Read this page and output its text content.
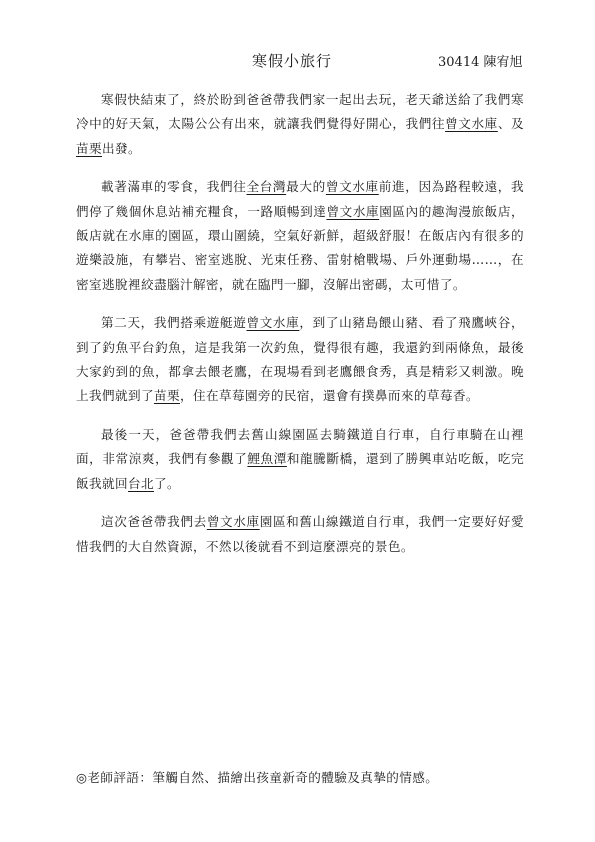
寒假小旅行	30414 陳宥旭

寒假快結束了，終於盼到爸爸帶我們家一起出去玩，老天爺送給了我們寒冷中的好天氣，太陽公公有出來，就讓我們覺得好開心，我們往曾文水庫、及苗栗出發。

載著滿車的零食，我們往全台灣最大的曾文水庫前進，因為路程較遠，我們停了幾個休息站補充糧食，一路順暢到達曾文水庫園區內的趣淘漫旅飯店，飯店就在水庫的園區，環山圍繞，空氣好新鮮，超級舒服！在飯店內有很多的遊樂設施，有攀岩、密室逃脫、光束任務、雷射槍戰場、戶外運動場……，在密室逃脫裡絞盡腦汁解密，就在臨門一腳，沒解出密碼，太可惜了。

第二天，我們搭乘遊艇遊曾文水庫，到了山豬島餵山豬、看了飛鷹峽谷，到了釣魚平台釣魚，這是我第一次釣魚，覺得很有趣，我還釣到兩條魚，最後大家釣到的魚，都拿去餵老鷹，在現場看到老鷹餵食秀，真是精彩又刺激。晚上我們就到了苗栗，住在草莓園旁的民宿，還會有撲鼻而來的草莓香。

最後一天，爸爸帶我們去舊山線園區去騎鐵道自行車，自行車騎在山裡面，非常涼爽，我們有參觀了鯉魚潭和龍騰斷橋，還到了勝興車站吃飯，吃完飯我就回台北了。

這次爸爸帶我們去曾文水庫園區和舊山線鐵道自行車，我們一定要好好愛惜我們的大自然資源，不然以後就看不到這麼漂亮的景色。

◎老師評語：筆觸自然、描繪出孩童新奇的體驗及真摯的情感。
